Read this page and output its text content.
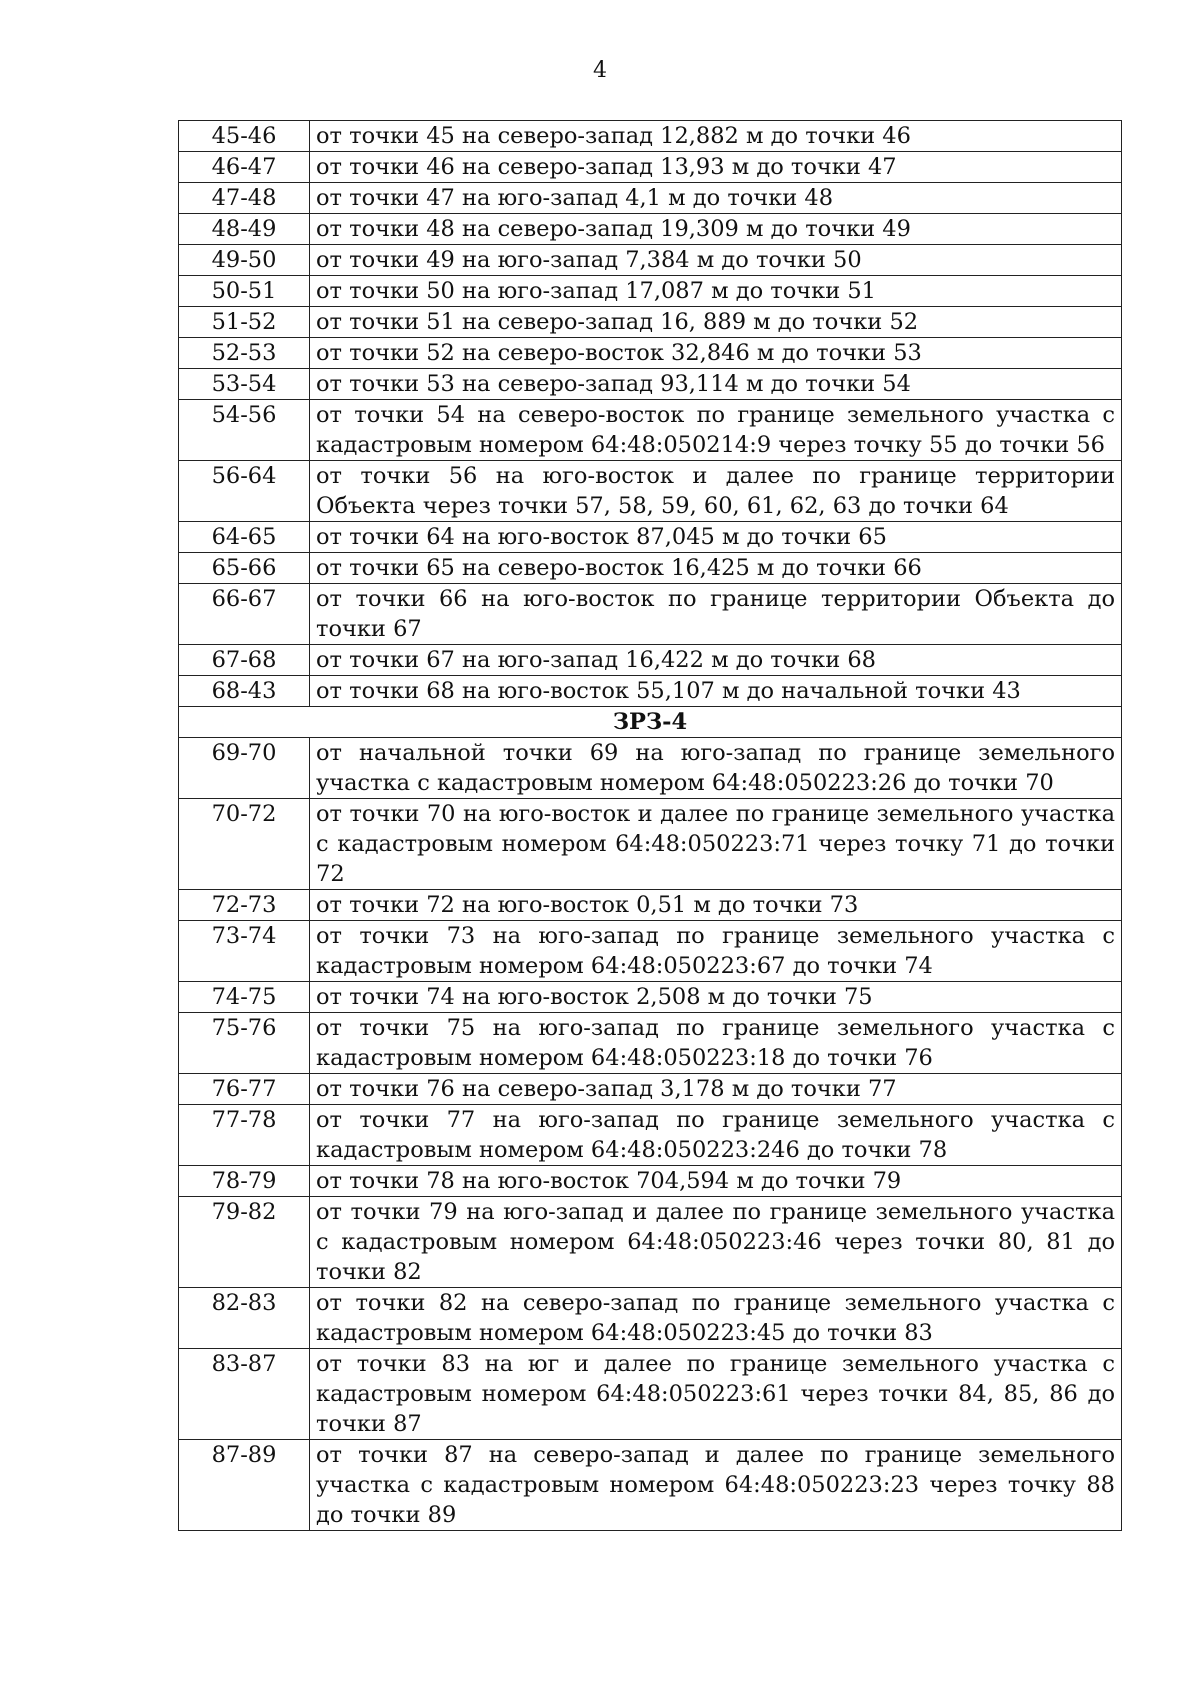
4
45-46	от точки 45 на северо-запад 12,882 м до точки 46
46-47	от точки 46 на северо-запад 13,93 м до точки 47
47-48	от точки 47 на юго-запад 4,1 м до точки 48
48-49	от точки 48 на северо-запад 19,309 м до точки 49
49-50	от точки 49 на юго-запад 7,384 м до точки 50
50-51	от точки 50 на юго-запад 17,087 м до точки 51
51-52	от точки 51 на северо-запад 16, 889 м до точки 52
52-53	от точки 52 на северо-восток 32,846 м до точки 53
53-54	от точки 53 на северо-запад 93,114 м до точки 54
54-56	от точки 54 на северо-восток по границе земельного участка с кадастровым номером 64:48:050214:9 через точку 55 до точки 56
56-64	от точки 56 на юго-восток и далее по границе территории Объекта через точки 57, 58, 59, 60, 61, 62, 63 до точки 64
64-65	от точки 64 на юго-восток 87,045 м до точки 65
65-66	от точки 65 на северо-восток 16,425 м до точки 66
66-67	от точки 66 на юго-восток по границе территории Объекта до точки 67
67-68	от точки 67 на юго-запад 16,422 м до точки 68
68-43	от точки 68 на юго-восток 55,107 м до начальной точки 43
ЗРЗ-4	
69-70	от начальной точки 69 на юго-запад по границе земельного участка с кадастровым номером 64:48:050223:26 до точки 70
70-72	от точки 70 на юго-восток и далее по границе земельного участка с кадастровым номером 64:48:050223:71 через точку 71 до точки 72
72-73	от точки 72 на юго-восток 0,51 м до точки 73
73-74	от точки 73 на юго-запад по границе земельного участка с кадастровым номером 64:48:050223:67 до точки 74
74-75	от точки 74 на юго-восток 2,508 м до точки 75
75-76	от точки 75 на юго-запад по границе земельного участка с кадастровым номером 64:48:050223:18 до точки 76
76-77	от точки 76 на северо-запад 3,178 м до точки 77
77-78	от точки 77 на юго-запад по границе земельного участка с кадастровым номером 64:48:050223:246 до точки 78
78-79	от точки 78 на юго-восток 704,594 м до точки 79
79-82	от точки 79 на юго-запад и далее по границе земельного участка с кадастровым номером 64:48:050223:46 через точки 80, 81 до точки 82
82-83	от точки 82 на северо-запад по границе земельного участка с кадастровым номером 64:48:050223:45 до точки 83
83-87	от точки 83 на юг и далее по границе земельного участка с кадастровым номером 64:48:050223:61 через точки 84, 85, 86 до точки 87
87-89	от точки 87 на северо-запад и далее по границе земельного участка с кадастровым номером 64:48:050223:23 через точку 88 до точки 89
